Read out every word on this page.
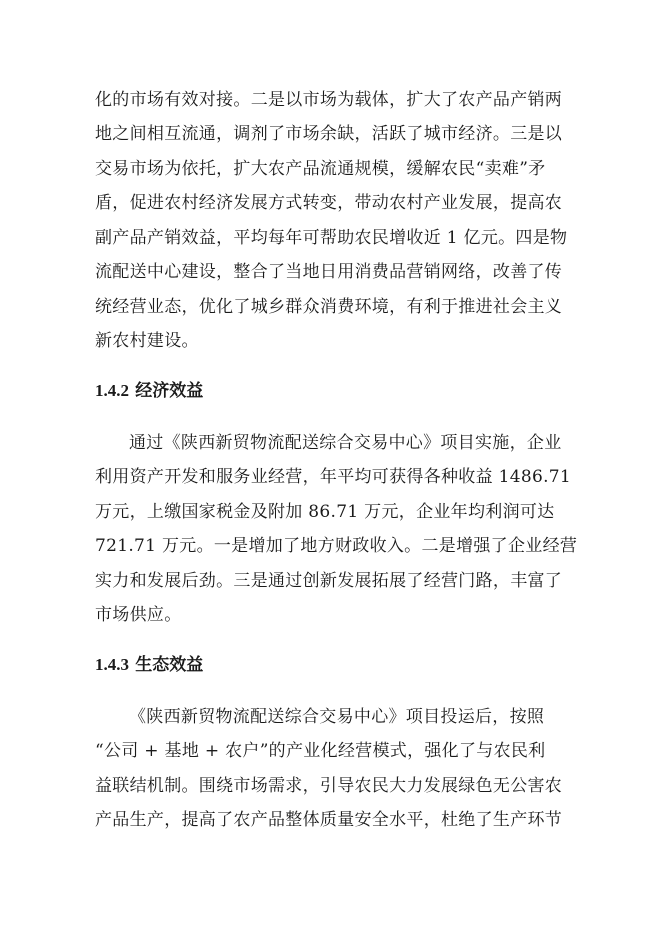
化的市场有效对接。二是以市场为载体，扩大了农产品产销两
地之间相互流通，调剂了市场余缺，活跃了城市经济。三是以
交易市场为依托，扩大农产品流通规模，缓解农民“卖难”矛
盾，促进农村经济发展方式转变，带动农村产业发展，提高农
副产品产销效益，平均每年可帮助农民增收近 1 亿元。四是物
流配送中心建设，整合了当地日用消费品营销网络，改善了传
统经营业态，优化了城乡群众消费环境，有利于推进社会主义
新农村建设。
1.4.2 经济效益
通过《陕西新贸物流配送综合交易中心》项目实施，企业
利用资产开发和服务业经营，年平均可获得各种收益 1486.71
万元，上缴国家税金及附加 86.71 万元，企业年均利润可达
721.71 万元。一是增加了地方财政收入。二是增强了企业经营
实力和发展后劲。三是通过创新发展拓展了经营门路，丰富了
市场供应。
1.4.3 生态效益
《陕西新贸物流配送综合交易中心》项目投运后，按照
“公司 + 基地 + 农户”的产业化经营模式，强化了与农民利
益联结机制。围绕市场需求，引导农民大力发展绿色无公害农
产品生产，提高了农产品整体质量安全水平，杜绝了生产环节
